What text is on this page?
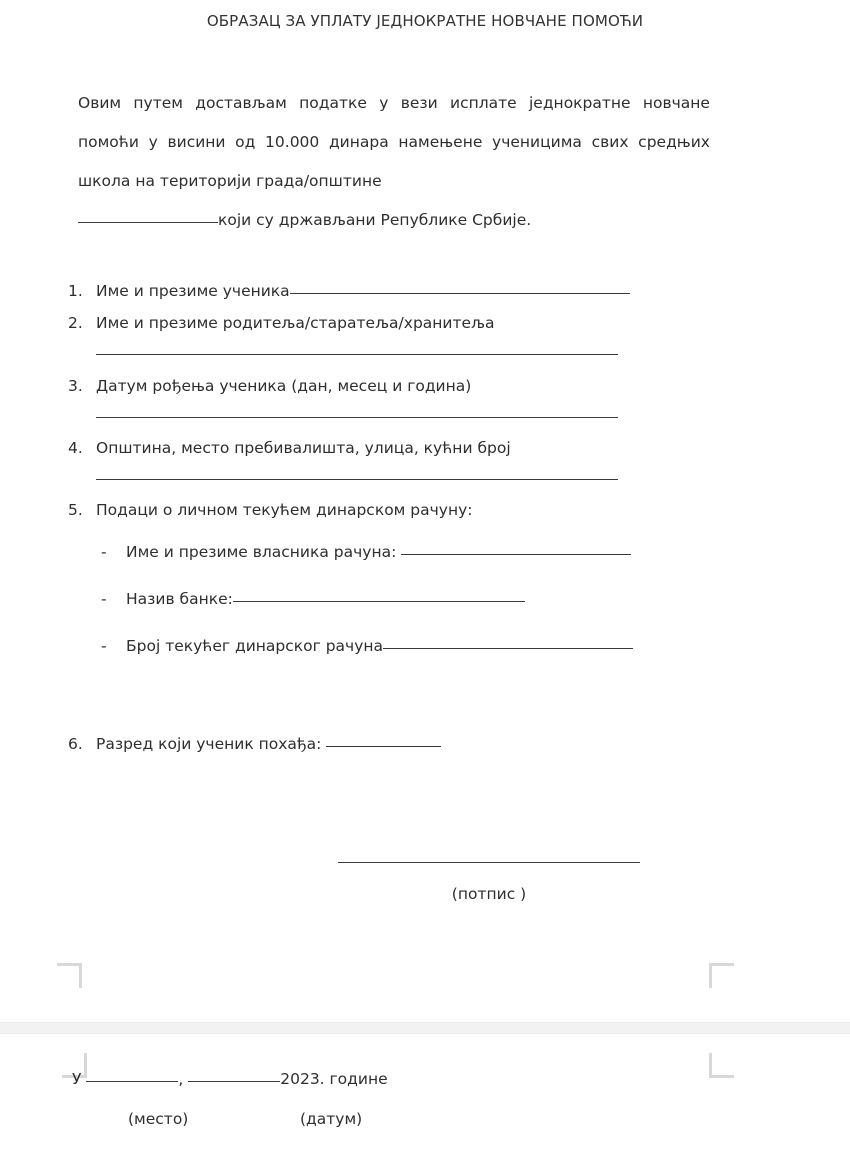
ОБРАЗАЦ ЗА УПЛАТУ ЈЕДНОКРАТНЕ НОВЧАНЕ ПОМОЋИ
Овим путем достављам податке у вези исплате једнократне новчане помоћи у висини од 10.000 динара намењене ученицима свих средњих школа на територији града/општине
који су држављани Републике Србије.
1. Име и презиме ученика
2. Име и презиме родитеља/старатеља/хранитеља
3. Датум рођења ученика (дан, месец и година)
4. Општина, место пребивалишта, улица, кућни број
5. Подаци о личном текућем динарском рачуну:
- Име и презиме власника рачуна:
- Назив банке:
- Број текућег динарског рачуна
6. Разред који ученик похађа:
(потпис )
У	,	2023. године
(место)	(датум)
